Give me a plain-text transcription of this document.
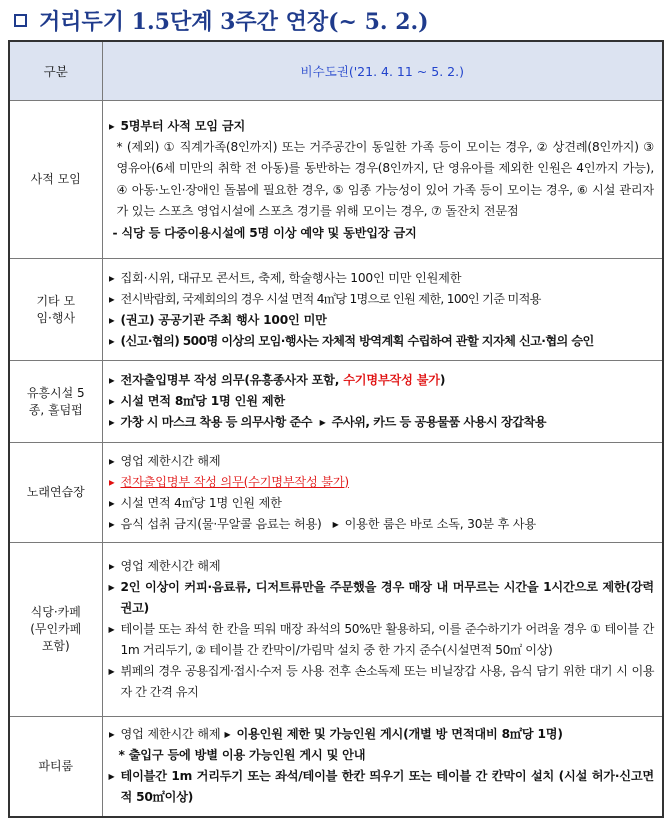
거리두기 1.5단계 3주간 연장(~ 5. 2.)
구분	비수도권('21. 4. 11 ~ 5. 2.)
사적 모임	▶ 5명부터 사적 모임 금지
* (제외) ① 직계가족(8인까지) 또는 거주공간이 동일한 가족 등이 모이는 경우, ② 상견례(8인까지) ③ 영유아(6세 미만의 취학 전 아동)를 동반하는 경우(8인까지, 단 영유아를 제외한 인원은 4인까지 가능), ④ 아동·노인·장애인 돌봄에 필요한 경우, ⑤ 임종 가능성이 있어 가족 등이 모이는 경우, ⑥ 시설 관리자가 있는 스포츠 영업시설에 스포츠 경기를 위해 모이는 경우, ⑦ 돌잔치 전문점
- 식당 등 다중이용시설에 5명 이상 예약 및 동반입장 금지

기타 모임·행사	▶ 집회·시위, 대규모 콘서트, 축제, 학술행사는 100인 미만 인원제한
▶ 전시박람회, 국제회의의 경우 시설 면적 4㎡당 1명으로 인원 제한, 100인 기준 미적용
▶ (권고) 공공기관 주최 행사 100인 미만
▶ (신고·협의) 500명 이상의 모임·행사는 자체적 방역계획 수립하여 관할 지자체 신고·협의 승인

유흥시설 5종, 홀덤펍	▶ 전자출입명부 작성 의무(유흥종사자 포함, 수기명부작성 불가)
▶ 시설 면적 8㎡당 1명 인원 제한
▶ 가창 시 마스크 착용 등 의무사항 준수 ▶ 주사위, 카드 등 공용물품 사용시 장갑착용

노래연습장	▶ 영업 제한시간 해제
▶ 전자출입명부 작성 의무(수기명부작성 불가)
▶ 시설 면적 4㎡당 1명 인원 제한
▶ 음식 섭취 금지(물·무알콜 음료는 허용) ▶ 이용한 룸은 바로 소독, 30분 후 사용

식당·카페 (무인카페 포함)	▶ 영업 제한시간 해제
▶ 2인 이상이 커피·음료류, 디저트류만을 주문했을 경우 매장 내 머무르는 시간을 1시간으로 제한(강력 권고)
▶ 테이블 또는 좌석 한 칸을 띄워 매장 좌석의 50%만 활용하되, 이를 준수하기가 어려울 경우 ① 테이블 간 1m 거리두기, ② 테이블 간 칸막이/가림막 설치 중 한 가지 준수(시설면적 50㎡ 이상)
▶ 뷔페의 경우 공용집게·접시·수저 등 사용 전후 손소독제 또는 비닐장갑 사용, 음식 담기 위한 대기 시 이용자 간 간격 유지

파티룸	▶ 영업 제한시간 해제 ▶ 이용인원 제한 및 가능인원 게시(개별 방 면적대비 8㎡당 1명)
* 출입구 등에 방별 이용 가능인원 게시 및 안내
▶ 테이블간 1m 거리두기 또는 좌석/테이블 한칸 띄우기 또는 테이블 간 칸막이 설치 (시설 허가·신고면적 50㎡이상)
